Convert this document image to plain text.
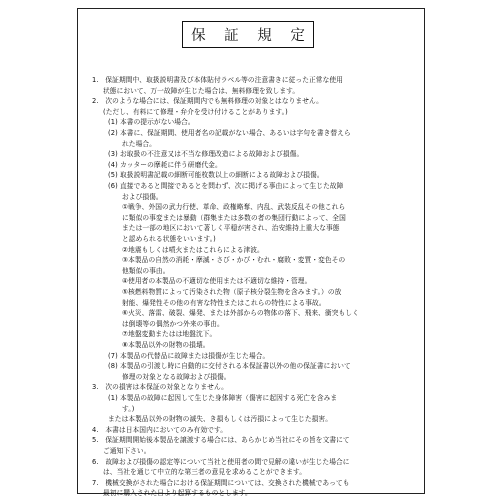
保 証 規 定
1.　保証期間中、取扱説明書及び本体貼付ラベル等の注意書きに従った正常な使用
状態において、万一故障が生じた場合は、無料修理を致します。
2.　次のような場合には、保証期間内でも無料修理の対象とはなりません。
(ただし、有料にて修理・弁介を受け付けることがあります。)
(1) 本書の提示がない場合。
(2) 本書に、保証期間、使用者名の記載がない場合、あるいは字句を書き替えら
れた場合。
(3) お取扱の不注意又は不当な修理改造による故障および損傷。
(4) カッターの摩耗に伴う研磨代金。
(5) 取扱説明書記載の細断可能枚数以上の細断による故障および損傷。
(6) 直接であると間接であるとを問わず、次に掲げる事由によって生じた故障
および損傷。
①戦争、外国の武力行使、革命、政権略奪、内乱、武装反乱その他これら
に類似の事変または暴動（群集または多数の者の集団行動によって、全国
または一部の地区において著しく平穏が害され、治安維持上重大な事態
と認められる状態をいいます。)
②地震もしくは噴火またはこれらによる津波。
③本製品の自然の消耗・摩滅・さび・かび・むれ・腐敗・変質・変色その
他類似の事由。
④使用者の本製品の不適切な使用または不適切な維持・管理。
⑤核燃料物質によって汚染された物（原子核分裂生物を含みます。）の放
射能、爆発性その他の有害な特性またはこれらの特性による事故。
⑥火災、落雷、破裂、爆発、または外部からの物体の落下、飛来、衝突もしく
は倒壊等の偶然かつ外来の事由。
⑦地盤変動またはは地盤沈下。
⑧本製品以外の財物の損壊。
(7) 本製品の代替品に故障または損傷が生じた場合。
(8) 本製品の引渡し時に自動的に交付される本保証書以外の他の保証書において
修理の対象となる故障および損傷。
3.　次の損害は本保証の対象となりません。
(1) 本製品の故障に起因して生じた身体障害（傷害に起因する死亡を含みま
す。)
または本製品以外の財物の滅失、き損もしくは汚損によって生じた損害。
4.　本書は日本国内においてのみ有効です。
5.　保証期間開始後本製品を譲渡する場合には、あらかじめ当社にその旨を文書にて
ご通知下さい。
6.　故障および損傷の認定等について当社と使用者の間で見解の違いが生じた場合に
は、当社を通じて中立的な第三者の意見を求めることができます。
7.　機械交換がされた場合における保証期間については、交換された機械であっても
最初に購入された日より起算するものとします。
